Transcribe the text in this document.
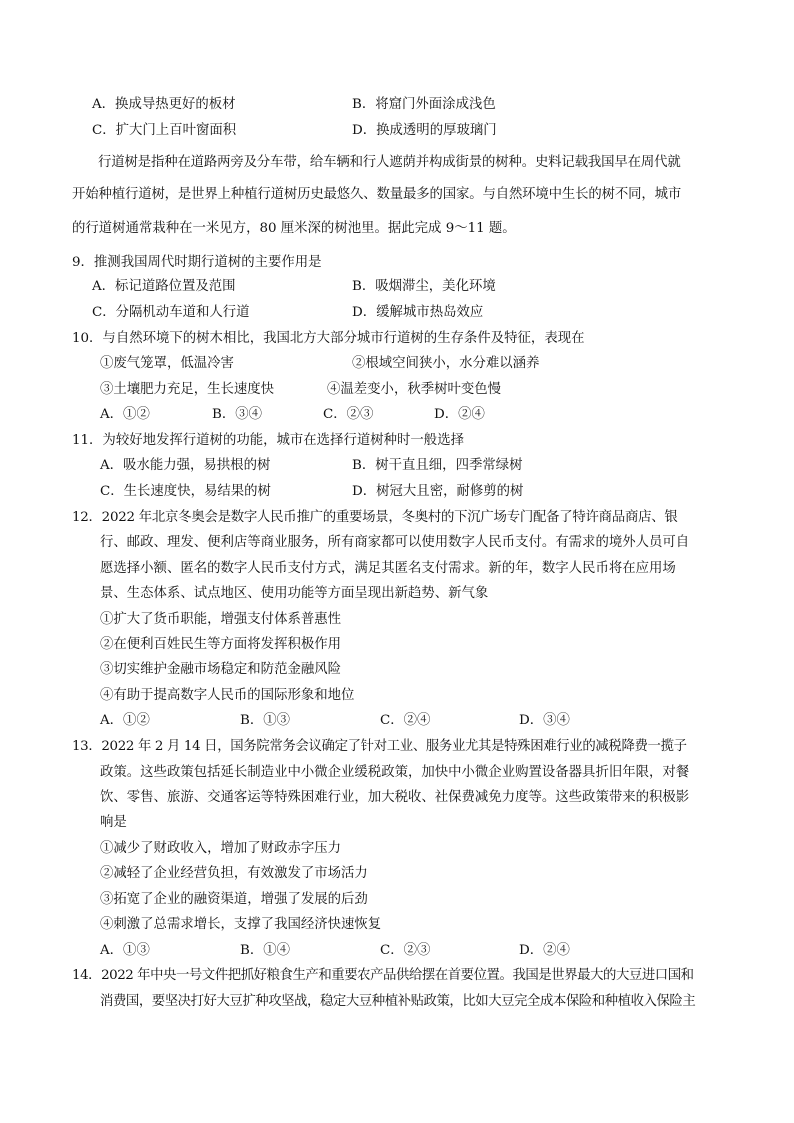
A．换成导热更好的板材	B．将窟门外面涂成浅色
C．扩大门上百叶窗面积	D．换成透明的厚玻璃门
行道树是指种在道路两旁及分车带，给车辆和行人遮荫并构成街景的树种。史料记载我国早在周代就
开始种植行道树，是世界上种植行道树历史最悠久、数量最多的国家。与自然环境中生长的树不同，城市
的行道树通常栽种在一米见方，80 厘米深的树池里。据此完成 9～11 题。
9．推测我国周代时期行道树的主要作用是
A．标记道路位置及范围	B．吸烟滞尘，美化环境
C．分隔机动车道和人行道	D．缓解城市热岛效应
10．与自然环境下的树木相比，我国北方大部分城市行道树的生存条件及特征，表现在
①废气笼罩，低温冷害	②根域空间狭小，水分难以涵养
③土壤肥力充足，生长速度快	④温差变小，秋季树叶变色慢
A．①②	B．③④	C．②③	D．②④
11．为较好地发挥行道树的功能，城市在选择行道树种时一般选择
A．吸水能力强，易拱根的树	B．树干直且细，四季常绿树
C．生长速度快，易结果的树	D．树冠大且密，耐修剪的树
12．2022 年北京冬奥会是数字人民币推广的重要场景，冬奥村的下沉广场专门配备了特许商品商店、银
行、邮政、理发、便利店等商业服务，所有商家都可以使用数字人民币支付。有需求的境外人员可自
愿选择小额、匿名的数字人民币支付方式，满足其匿名支付需求。新的年，数字人民币将在应用场
景、生态体系、试点地区、使用功能等方面呈现出新趋势、新气象
①扩大了货币职能，增强支付体系普惠性
②在便利百姓民生等方面将发挥积极作用
③切实维护金融市场稳定和防范金融风险
④有助于提高数字人民币的国际形象和地位
A．①②	B．①③	C．②④	D．③④
13．2022 年 2 月 14 日，国务院常务会议确定了针对工业、服务业尤其是特殊困难行业的减税降费一揽子
政策。这些政策包括延长制造业中小微企业缓税政策，加快中小微企业购置设备器具折旧年限，对餐
饮、零售、旅游、交通客运等特殊困难行业，加大税收、社保费减免力度等。这些政策带来的积极影
响是
①减少了财政收入，增加了财政赤字压力
②减轻了企业经营负担，有效激发了市场活力
③拓宽了企业的融资渠道，增强了发展的后劲
④刺激了总需求增长，支撑了我国经济快速恢复
A．①③	B．①④	C．②③	D．②④
14．2022 年中央一号文件把抓好粮食生产和重要农产品供给摆在首要位置。我国是世界最大的大豆进口国和
消费国，要坚决打好大豆扩种攻坚战，稳定大豆种植补贴政策，比如大豆完全成本保险和种植收入保险主
